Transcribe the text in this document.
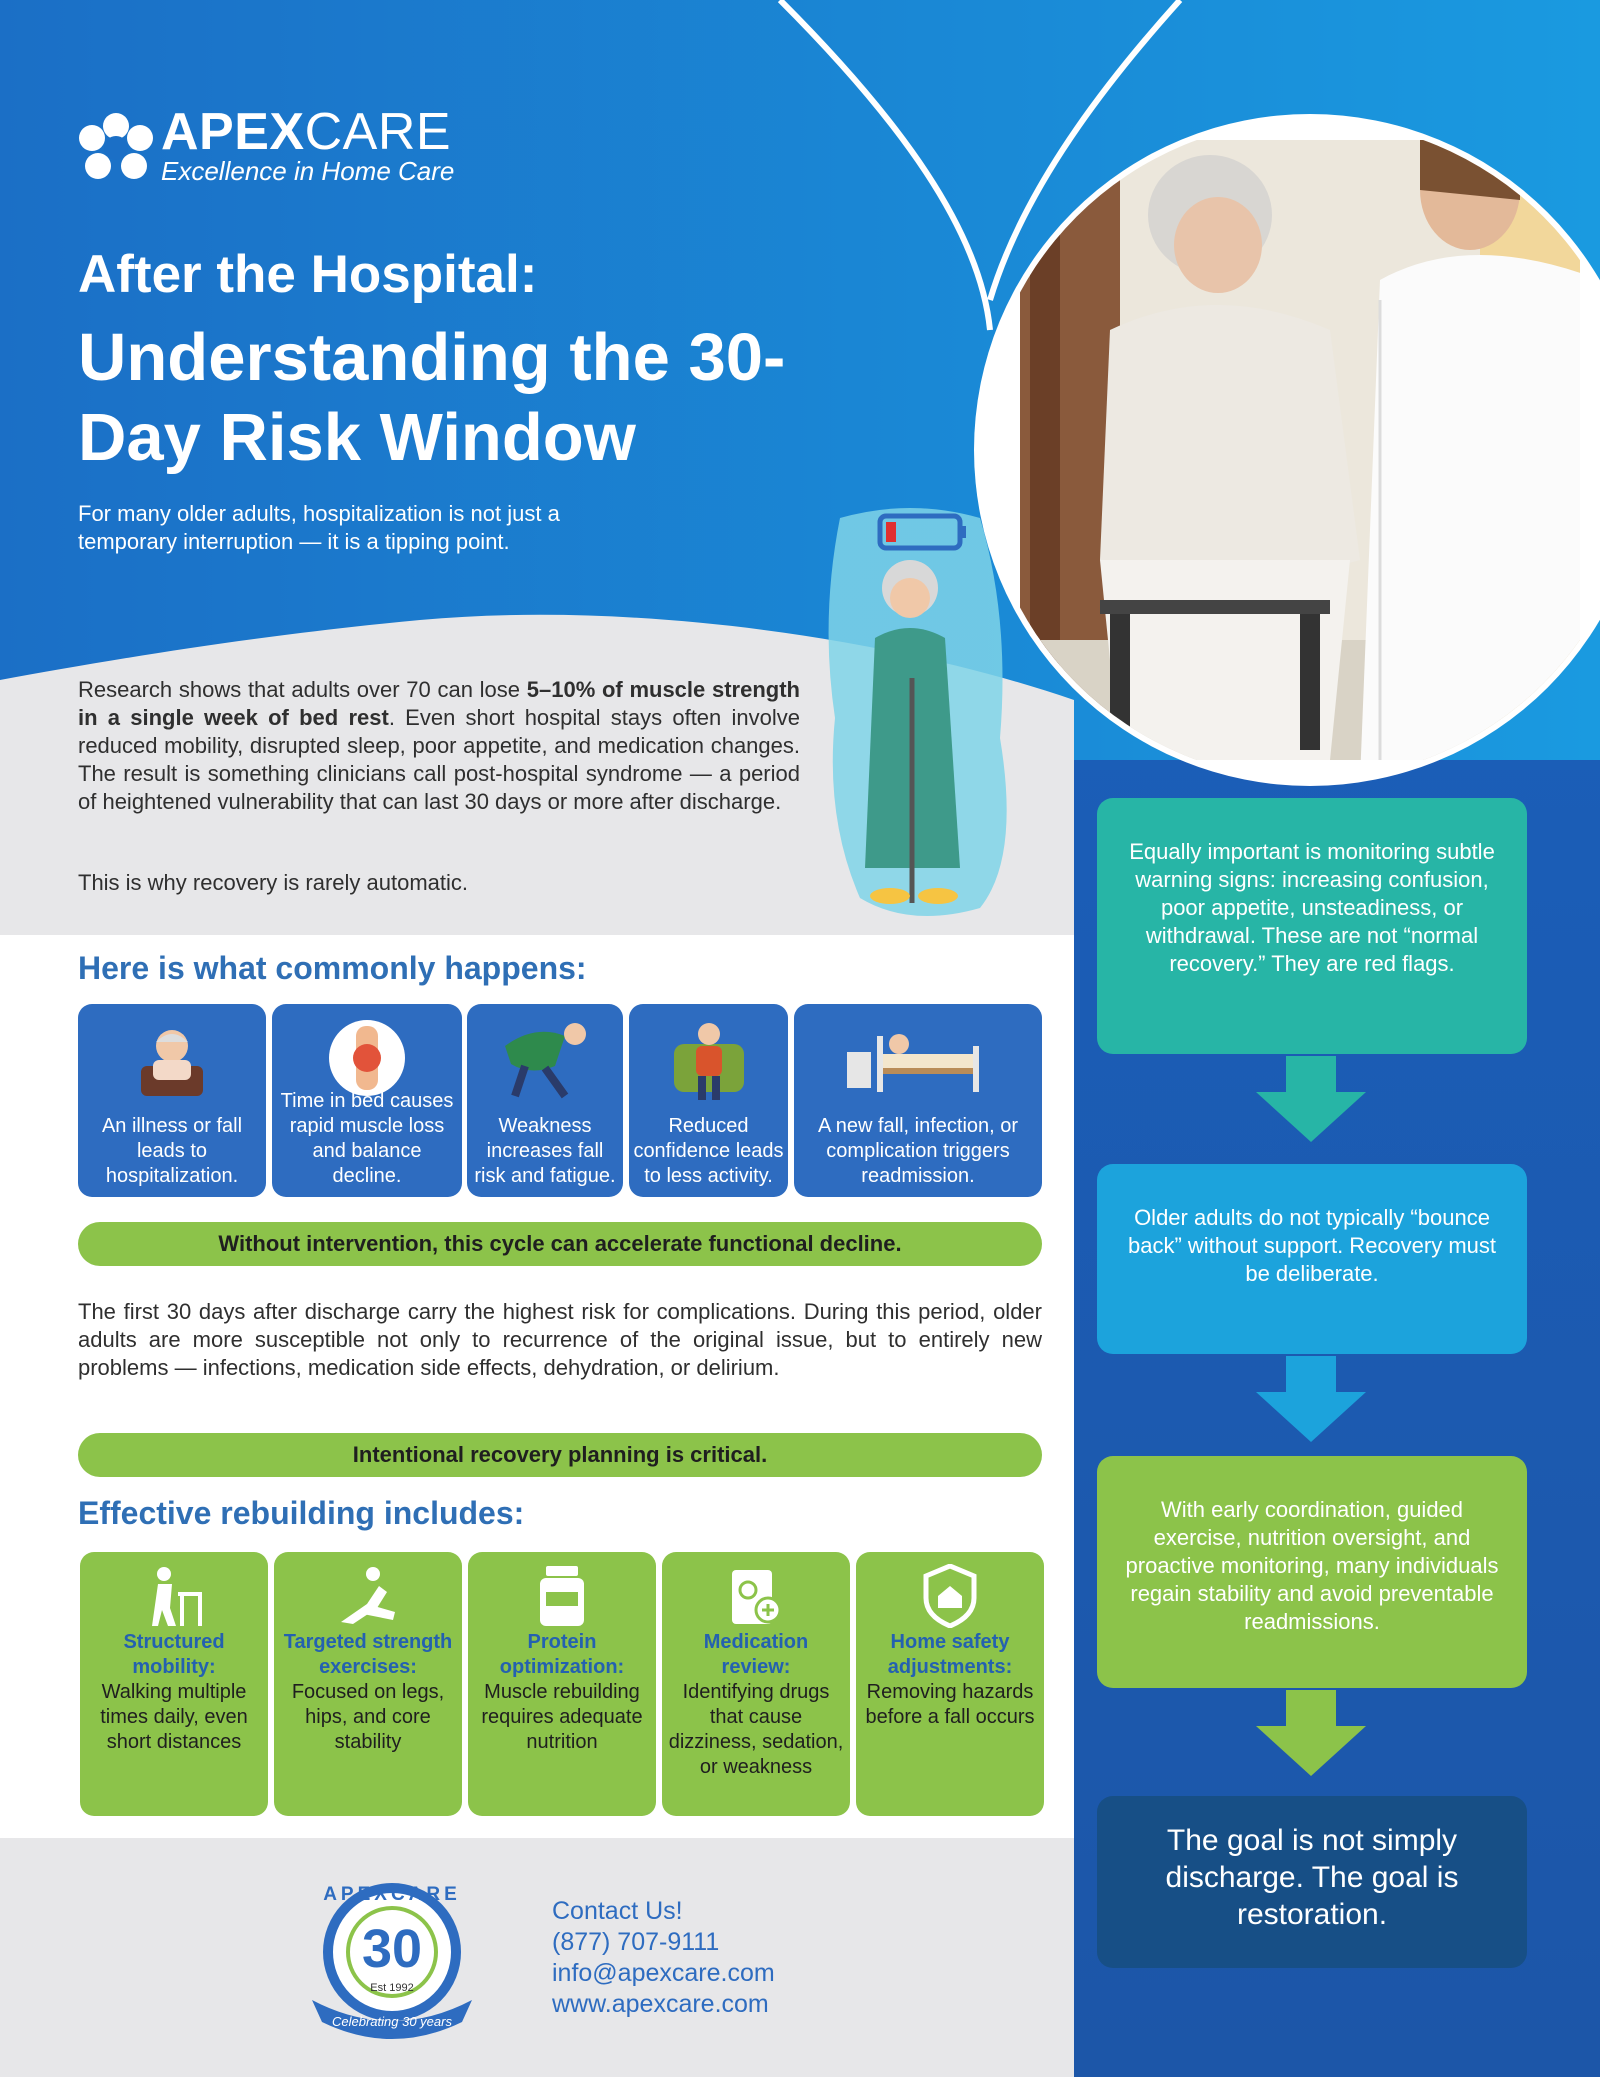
APEXCARE
Excellence in Home Care
After the Hospital:
Understanding the 30-Day Risk Window
For many older adults, hospitalization is not just a temporary interruption — it is a tipping point.
Research shows that adults over 70 can lose 5–10% of muscle strength in a single week of bed rest. Even short hospital stays often involve reduced mobility, disrupted sleep, poor appetite, and medication changes. The result is something clinicians call post-hospital syndrome — a period of heightened vulnerability that can last 30 days or more after discharge.
This is why recovery is rarely automatic.
Here is what commonly happens:
An illness or fall leads to hospitalization.
Time in bed causes rapid muscle loss and balance decline.
Weakness increases fall risk and fatigue.
Reduced confidence leads to less activity.
A new fall, infection, or complication triggers readmission.
Without intervention, this cycle can accelerate functional decline.
The first 30 days after discharge carry the highest risk for complications. During this period, older adults are more susceptible not only to recurrence of the original issue, but to entirely new problems — infections, medication side effects, dehydration, or delirium.
Intentional recovery planning is critical.
Effective rebuilding includes:
Structured mobility:
Walking multiple times daily, even short distances
Targeted strength exercises:
Focused on legs, hips, and core stability
Protein optimization:
Muscle rebuilding requires adequate nutrition
Medication review:
Identifying drugs that cause dizziness, sedation, or weakness
Home safety adjustments:
Removing hazards before a fall occurs
Equally important is monitoring subtle warning signs: increasing confusion, poor appetite, unsteadiness, or withdrawal. These are not “normal recovery.” They are red flags.
Older adults do not typically “bounce back” without support. Recovery must be deliberate.
With early coordination, guided exercise, nutrition oversight, and proactive monitoring, many individuals regain stability and avoid preventable readmissions.
The goal is not simply discharge. The goal is restoration.
APEXCARE
30
Est 1992
Celebrating 30 years
Contact Us!
(877) 707-9111
info@apexcare.com
www.apexcare.com
